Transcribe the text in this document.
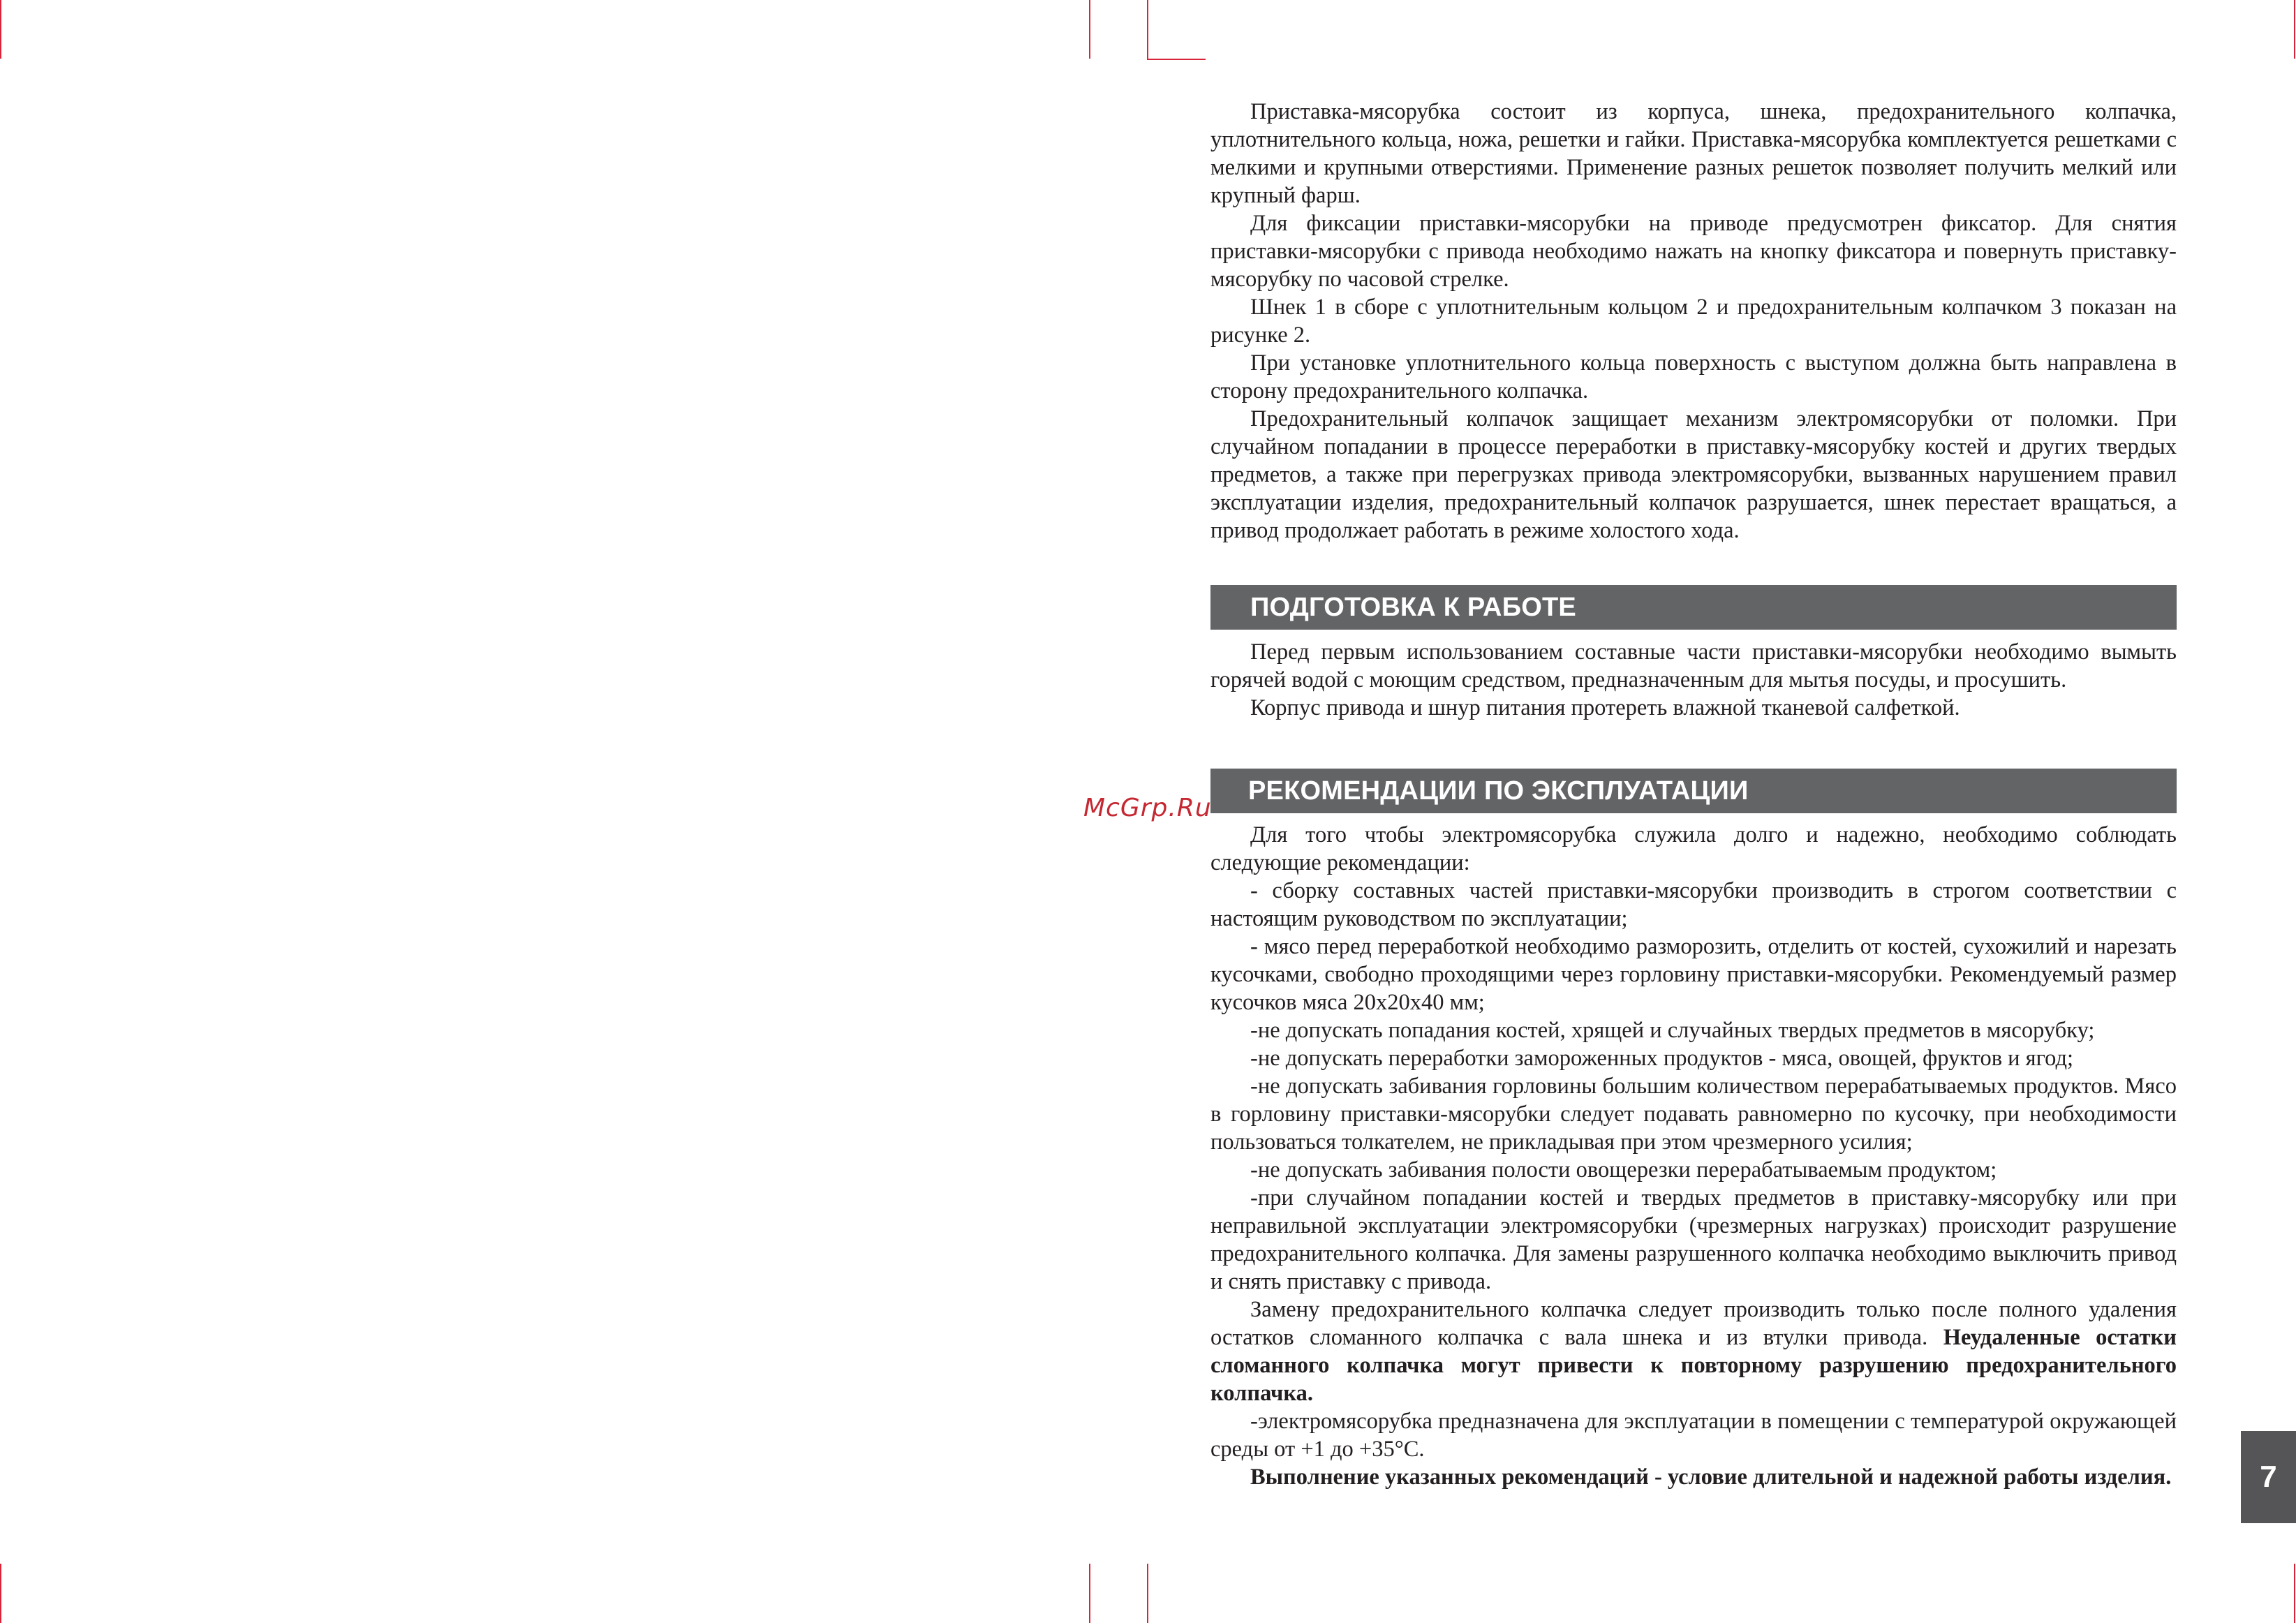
Приставка-мясорубка состоит из корпуса, шнека, предохранительного колпачка, уплотнительного кольца, ножа, решетки и гайки. Приставка-мясорубка комплектуется решетками с мелкими и крупными отверстиями. Применение разных решеток позволяет получить мелкий или крупный фарш.

Для фиксации приставки-мясорубки на приводе предусмотрен фиксатор. Для снятия приставки-мясорубки с привода необходимо нажать на кнопку фиксатора и повернуть приставку-мясорубку по часовой стрелке.

Шнек 1 в сборе с уплотнительным кольцом 2 и предохранительным колпачком 3 показан на рисунке 2.

При установке уплотнительного кольца поверхность с выступом должна быть направлена в сторону предохранительного колпачка.

Предохранительный колпачок защищает механизм электромясорубки от поломки. При случайном попадании в процессе переработки в приставку-мясорубку костей и других твердых предметов, а также при перегрузках привода электромясорубки, вызванных нарушением правил эксплуатации изделия, предохранительный колпачок разрушается, шнек перестает вращаться, а привод продолжает работать в режиме холостого хода.

ПОДГОТОВКА К РАБОТЕ

Перед первым использованием составные части приставки-мясорубки необходимо вымыть горячей водой с моющим средством, предназначенным для мытья посуды, и просушить.

Корпус привода и шнур питания протереть влажной тканевой салфеткой.

РЕКОМЕНДАЦИИ ПО ЭКСПЛУАТАЦИИ
McGrp.Ru

Для того чтобы электромясорубка служила долго и надежно, необходимо соблюдать следующие рекомендации:

- сборку составных частей приставки-мясорубки производить в строгом соответствии с настоящим руководством по эксплуатации;

- мясо перед переработкой необходимо разморозить, отделить от костей, сухожилий и нарезать кусочками, свободно проходящими через горловину приставки-мясорубки. Рекомендуемый размер кусочков мяса 20х20х40 мм;

-не допускать попадания костей, хрящей и случайных твердых предметов в мясорубку;

-не допускать переработки замороженных продуктов - мяса, овощей, фруктов и ягод;

-не допускать забивания горловины большим количеством перерабатываемых продуктов. Мясо в горловину приставки-мясорубки следует подавать равномерно по кусочку, при необходимости пользоваться толкателем, не прикладывая при этом чрезмерного усилия;

-не допускать забивания полости овощерезки перерабатываемым продуктом;

-при случайном попадании костей и твердых предметов в приставку-мясорубку или при неправильной эксплуатации электромясорубки (чрезмерных нагрузках) происходит разрушение предохранительного колпачка. Для замены разрушенного колпачка необходимо выключить привод и снять приставку с привода.

Замену предохранительного колпачка следует производить только после полного удаления остатков сломанного колпачка с вала шнека и из втулки привода. Неудаленные остатки сломанного колпачка могут привести к повторному разрушению предохранительного колпачка.

-электромясорубка предназначена для эксплуатации в помещении с температурой окружающей среды от +1 до +35°С.

Выполнение указанных рекомендаций - условие длительной и надежной работы изделия.	7
